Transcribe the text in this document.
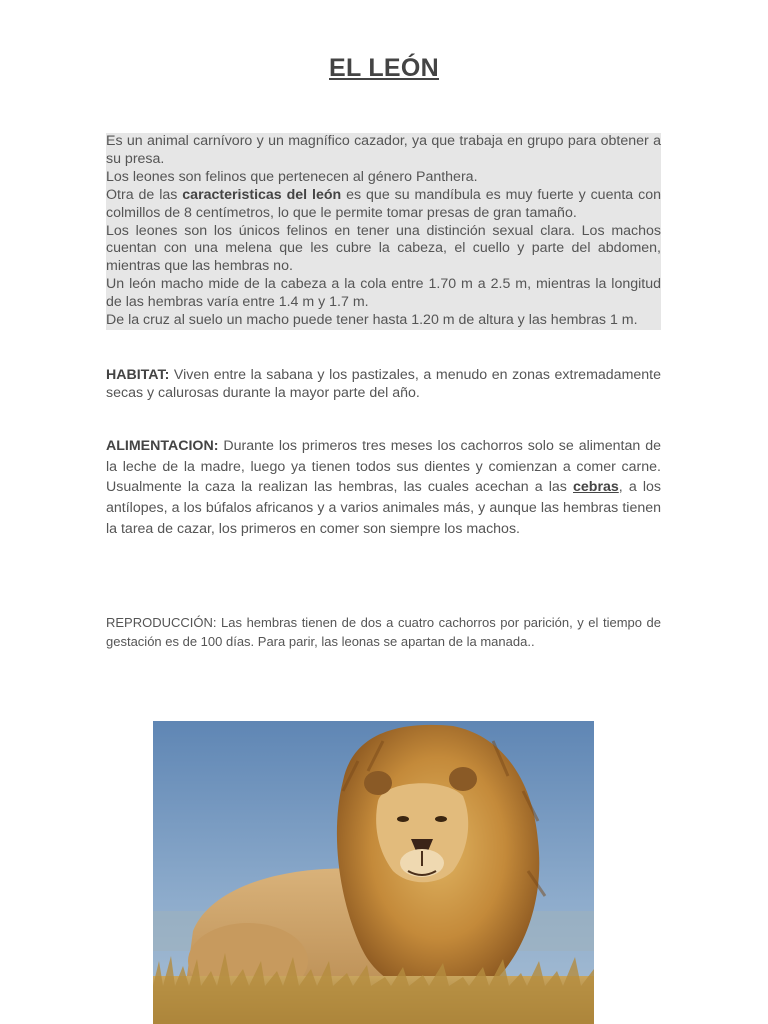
EL LEÓN

Es un animal carnívoro y un magnífico cazador, ya que trabaja en grupo para obtener a su presa.

Los leones son felinos que pertenecen al género Panthera.

Otra de las caracteristicas del león es que su mandíbula es muy fuerte y cuenta con colmillos de 8 centímetros, lo que le permite tomar presas de gran tamaño.

Los leones son los únicos felinos en tener una distinción sexual clara. Los machos cuentan con una melena que les cubre la cabeza, el cuello y parte del abdomen, mientras que las hembras no.

Un león macho mide de la cabeza a la cola entre 1.70 m a 2.5 m, mientras la longitud de las hembras varía entre 1.4 m y 1.7 m.

De la cruz al suelo un macho puede tener hasta 1.20 m de altura y las hembras 1 m.

HABITAT: Viven entre la sabana y los pastizales, a menudo en zonas extremadamente secas y calurosas durante la mayor parte del año.
ALIMENTACION: Durante los primeros tres meses los cachorros solo se alimentan de la leche de la madre, luego ya tienen todos sus dientes y comienzan a comer carne. Usualmente la caza la realizan las hembras, las cuales acechan a las cebras, a los antílopes, a los búfalos africanos y a varios animales más, y aunque las hembras tienen la tarea de cazar, los primeros en comer son siempre los machos.
REPRODUCCIÓN: Las hembras tienen de dos a cuatro cachorros por parición, y el tiempo de gestación es de 100 días. Para parir, las leonas se apartan de la manada..
